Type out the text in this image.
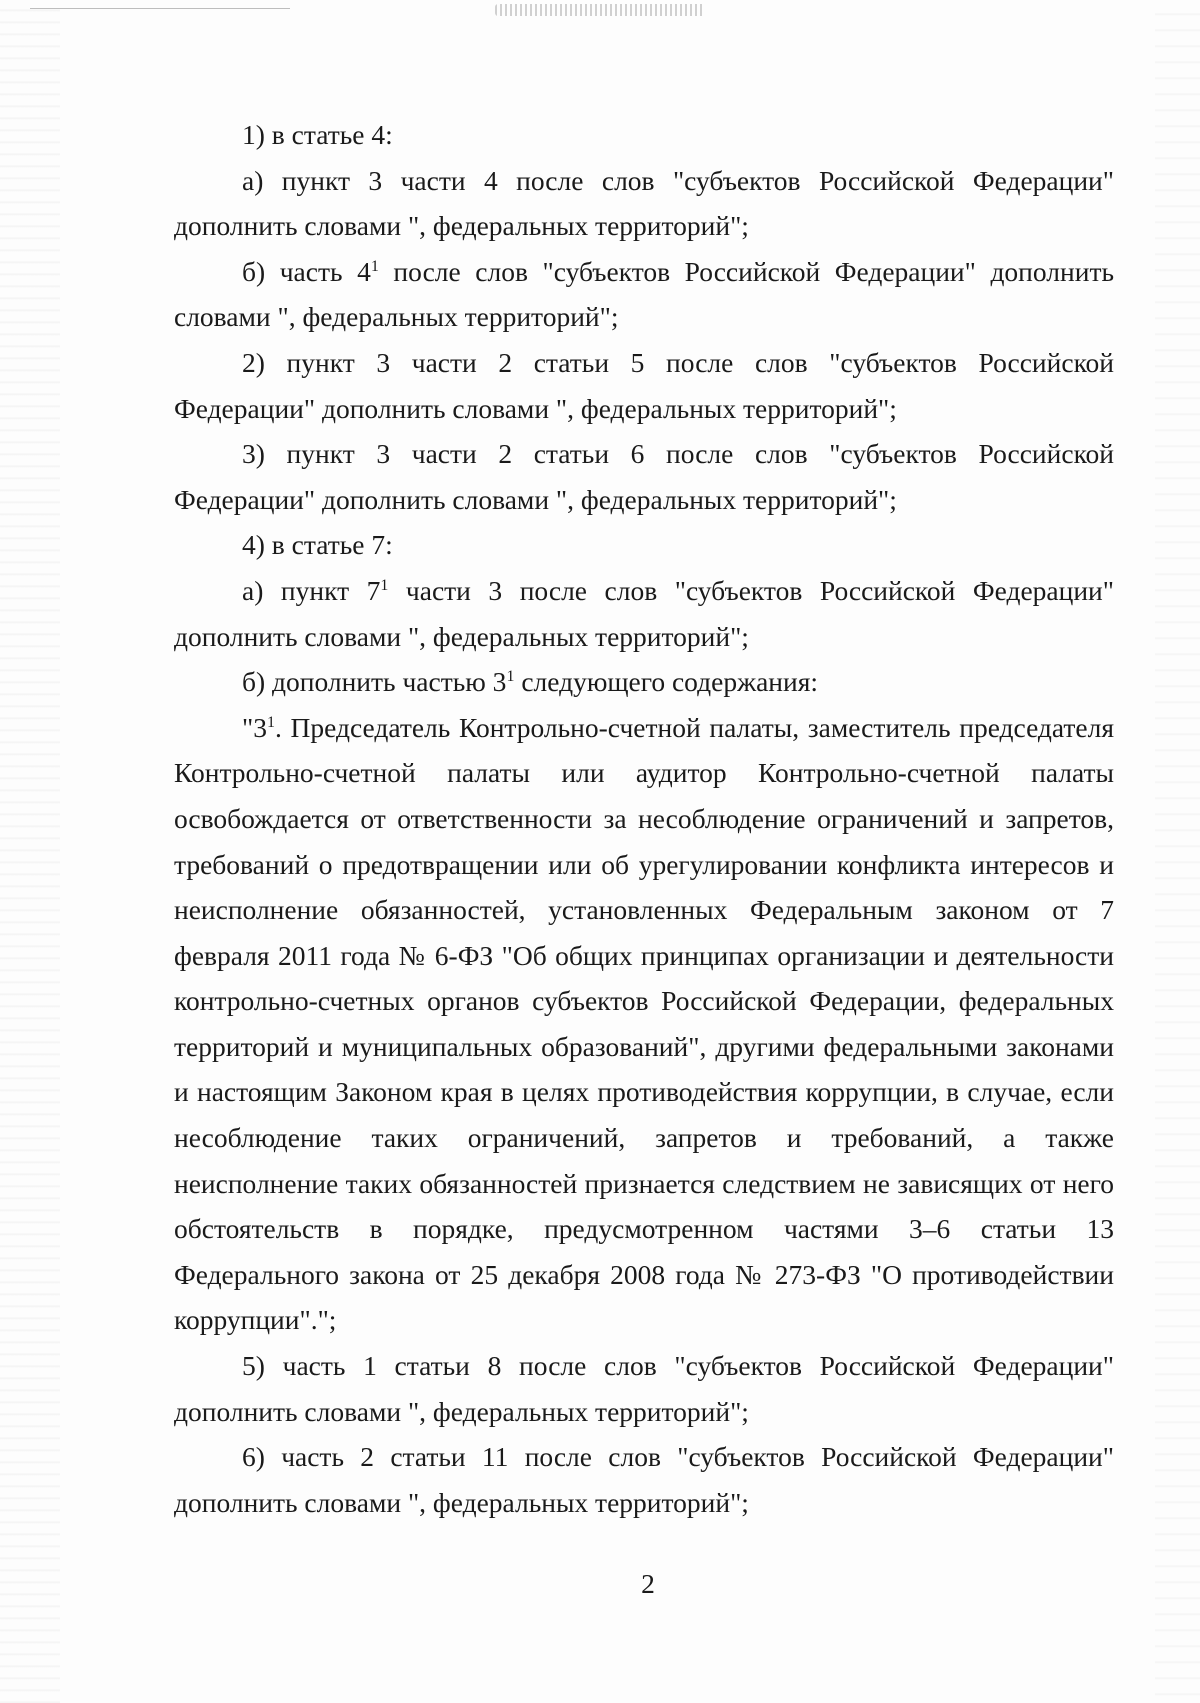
1) в статье 4:

а) пункт 3 части 4 после слов "субъектов Российской Федерации" дополнить словами ", федеральных территорий";

б) часть $4^1$ после слов "субъектов Российской Федерации" дополнить словами ", федеральных территорий";

2) пункт 3 части 2 статьи 5 после слов "субъектов Российской Федерации" дополнить словами ", федеральных территорий";

3) пункт 3 части 2 статьи 6 после слов "субъектов Российской Федерации" дополнить словами ", федеральных территорий";

4) в статье 7:

а) пункт $7^1$ части 3 после слов "субъектов Российской Федерации" дополнить словами ", федеральных территорий";

б) дополнить частью $3^1$ следующего содержания:

"$3^1$. Председатель Контрольно-счетной палаты, заместитель председателя Контрольно-счетной палаты или аудитор Контрольно-счетной палаты освобождается от ответственности за несоблюдение ограничений и запретов, требований о предотвращении или об урегулировании конфликта интересов и неисполнение обязанностей, установленных Федеральным законом от 7 февраля 2011 года № 6-ФЗ "Об общих принципах организации и деятельности контрольно-счетных органов субъектов Российской Федерации, федеральных территорий и муниципальных образований", другими федеральными законами и настоящим Законом края в целях противодействия коррупции, в случае, если несоблюдение таких ограничений, запретов и требований, а также неисполнение таких обязанностей признается следствием не зависящих от него обстоятельств в порядке, предусмотренном частями 3–6 статьи 13 Федерального закона от 25 декабря 2008 года № 273-ФЗ "О противодействии коррупции".";

5) часть 1 статьи 8 после слов "субъектов Российской Федерации" дополнить словами ", федеральных территорий";

6) часть 2 статьи 11 после слов "субъектов Российской Федерации" дополнить словами ", федеральных территорий";

2
